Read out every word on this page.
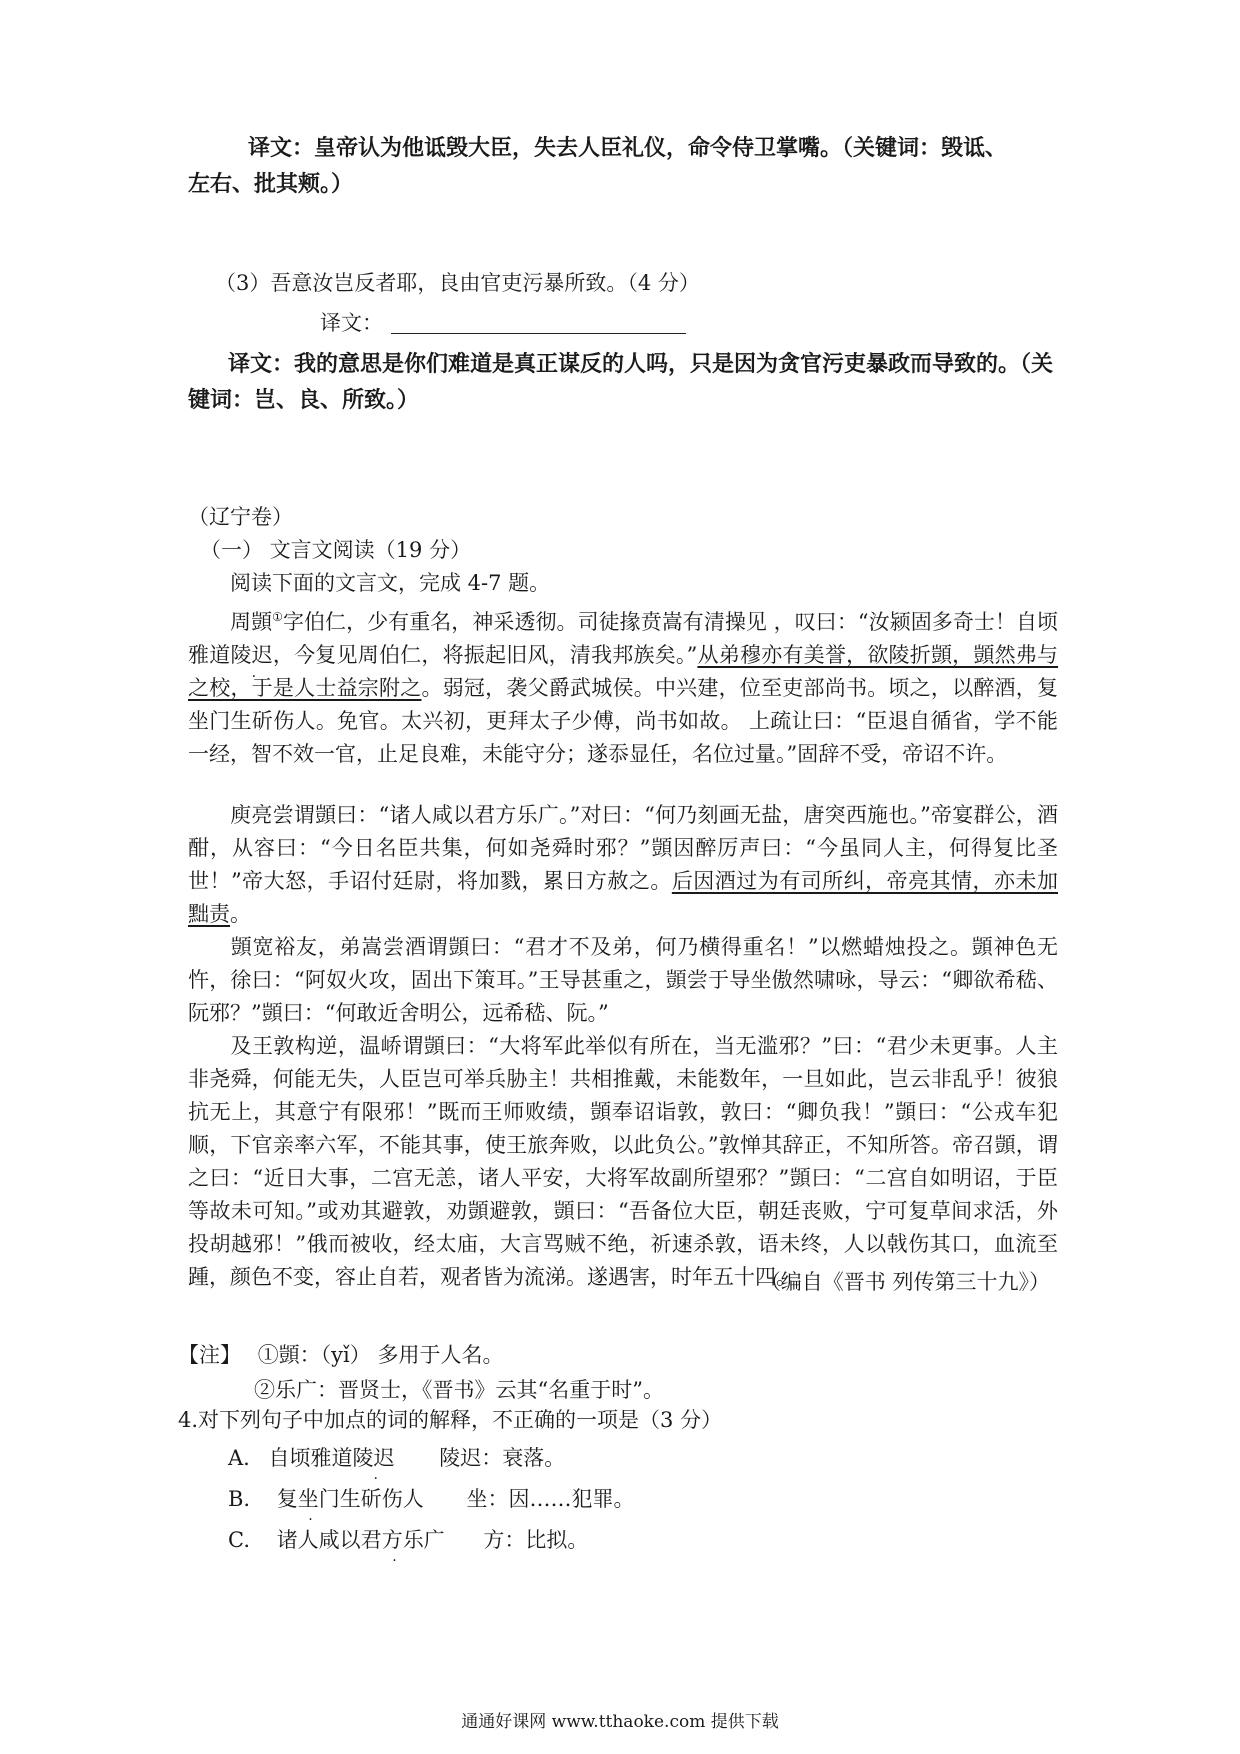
译文：皇帝认为他诋毁大臣，失去人臣礼仪，命令侍卫掌嘴。（关键词：毁诋、
左右、批其颊。）
（3）吾意汝岂反者耶，良由官吏污暴所致。（4 分）
译文：
译文：我的意思是你们难道是真正谋反的人吗，只是因为贪官污吏暴政而导致的。（关
键词：岂、良、所致。）
（辽宁卷）
（一） 文言文阅读（19 分）
阅读下面的文言文，完成 4-7 题。
周顗①字伯仁，少有重名，神采透彻。司徒掾贲嵩有清操见 ，叹曰：“汝颍固多奇士！自顷雅道陵迟，今复见周伯仁，将振起旧风，清我邦族矣。”从弟穆亦有美誉，欲陵折顗，顗然弗与之校，于是人士益宗附之。弱冠，袭父爵武城侯。中兴建，位至吏部尚书。顷之，以醉酒，复坐门生斫伤人。免官。太兴初，更拜太子少傅，尚书如故。 上疏让曰：“臣退自循省，学不能一经，智不效一官，止足良难，未能守分；遂忝显任，名位过量。”固辞不受，帝诏不许。
庾亮尝谓顗曰：“诸人咸以君方乐广。”对曰：“何乃刻画无盐，唐突西施也。”帝宴群公，酒酣，从容曰：“今日名臣共集，何如尧舜时邪？”顗因醉厉声曰：“今虽同人主，何得复比圣世！”帝大怒，手诏付廷尉，将加戮，累日方赦之。后因酒过为有司所纠，帝亮其情，亦未加黜责。
顗宽裕友，弟嵩尝酒谓顗曰：“君才不及弟，何乃横得重名！”以燃蜡烛投之。顗神色无忤，徐曰：“阿奴火攻，固出下策耳。”王导甚重之，顗尝于导坐傲然啸咏，导云：“卿欲希嵇、阮邪？”顗曰：“何敢近舍明公，远希嵇、阮。”
及王敦构逆，温峤谓顗曰：“大将军此举似有所在，当无滥邪？”曰：“君少未更事。人主非尧舜，何能无失，人臣岂可举兵胁主！共相推戴，未能数年，一旦如此，岂云非乱乎！彼狼抗无上，其意宁有限邪！”既而王师败绩，顗奉诏诣敦，敦曰：“卿负我！”顗曰：“公戎车犯顺，下官亲率六军，不能其事，使王旅奔败，以此负公。”敦惮其辞正，不知所答。帝召顗，谓之曰：“近日大事，二宫无恙，诸人平安，大将军故副所望邪？”顗曰：“二宫自如明诏，于臣等故未可知。”或劝其避敦，劝顗避敦，顗曰：“吾备位大臣，朝廷丧败，宁可复草间求活，外投胡越邪！”俄而被收，经太庙，大言骂贼不绝，祈速杀敦，语未终，人以戟伤其口，血流至踵，颜色不变，容止自若，观者皆为流涕。遂遇害，时年五十四。
（编自《晋书 列传第三十九》）
【注】 ①顗：（yǐ） 多用于人名。
②乐广：晋贤士，《晋书》云其“名重于时”。
4.对下列句子中加点的词的解释，不正确的一项是（3 分）
A. 自顷雅道陵迟 陵迟：衰落。
B. 复坐门生斫伤人 坐：因……犯罪。
C. 诸人咸以君方乐广 方：比拟。
通通好课网 www.tthaoke.com 提供下载
